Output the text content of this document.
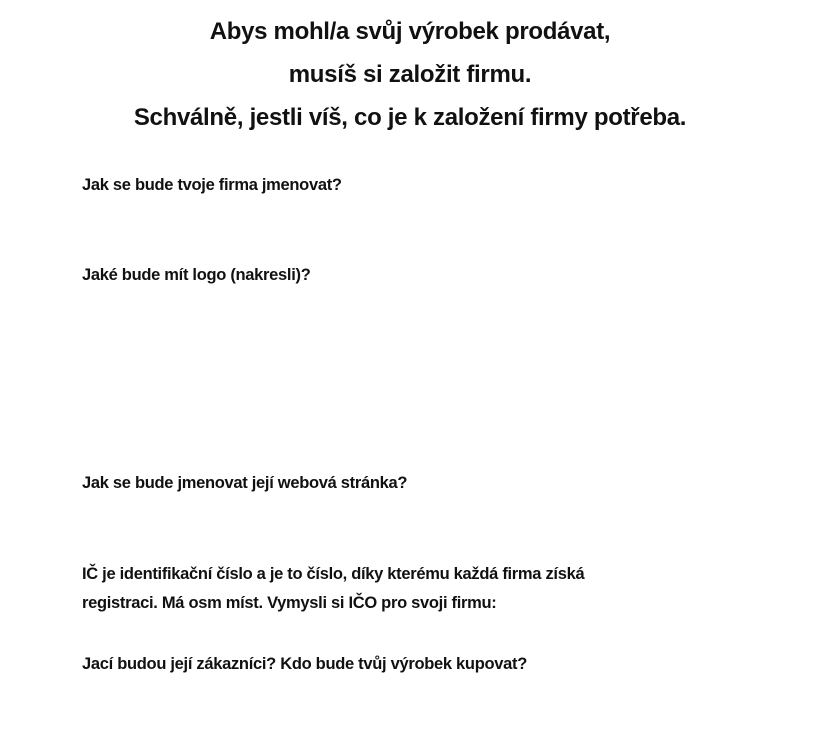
Abys mohl/a svůj výrobek prodávat,
musíš si založit firmu.
Schválně, jestli víš, co je k založení firmy potřeba.
Jak se bude tvoje firma jmenovat?
Jaké bude mít logo (nakresli)?
Jak se bude jmenovat její webová stránka?
IČ je identifikační číslo a je to číslo, díky kterému každá firma získá
registraci. Má osm míst. Vymysli si IČO pro svoji firmu:
Jací budou její zákazníci? Kdo bude tvůj výrobek kupovat?
